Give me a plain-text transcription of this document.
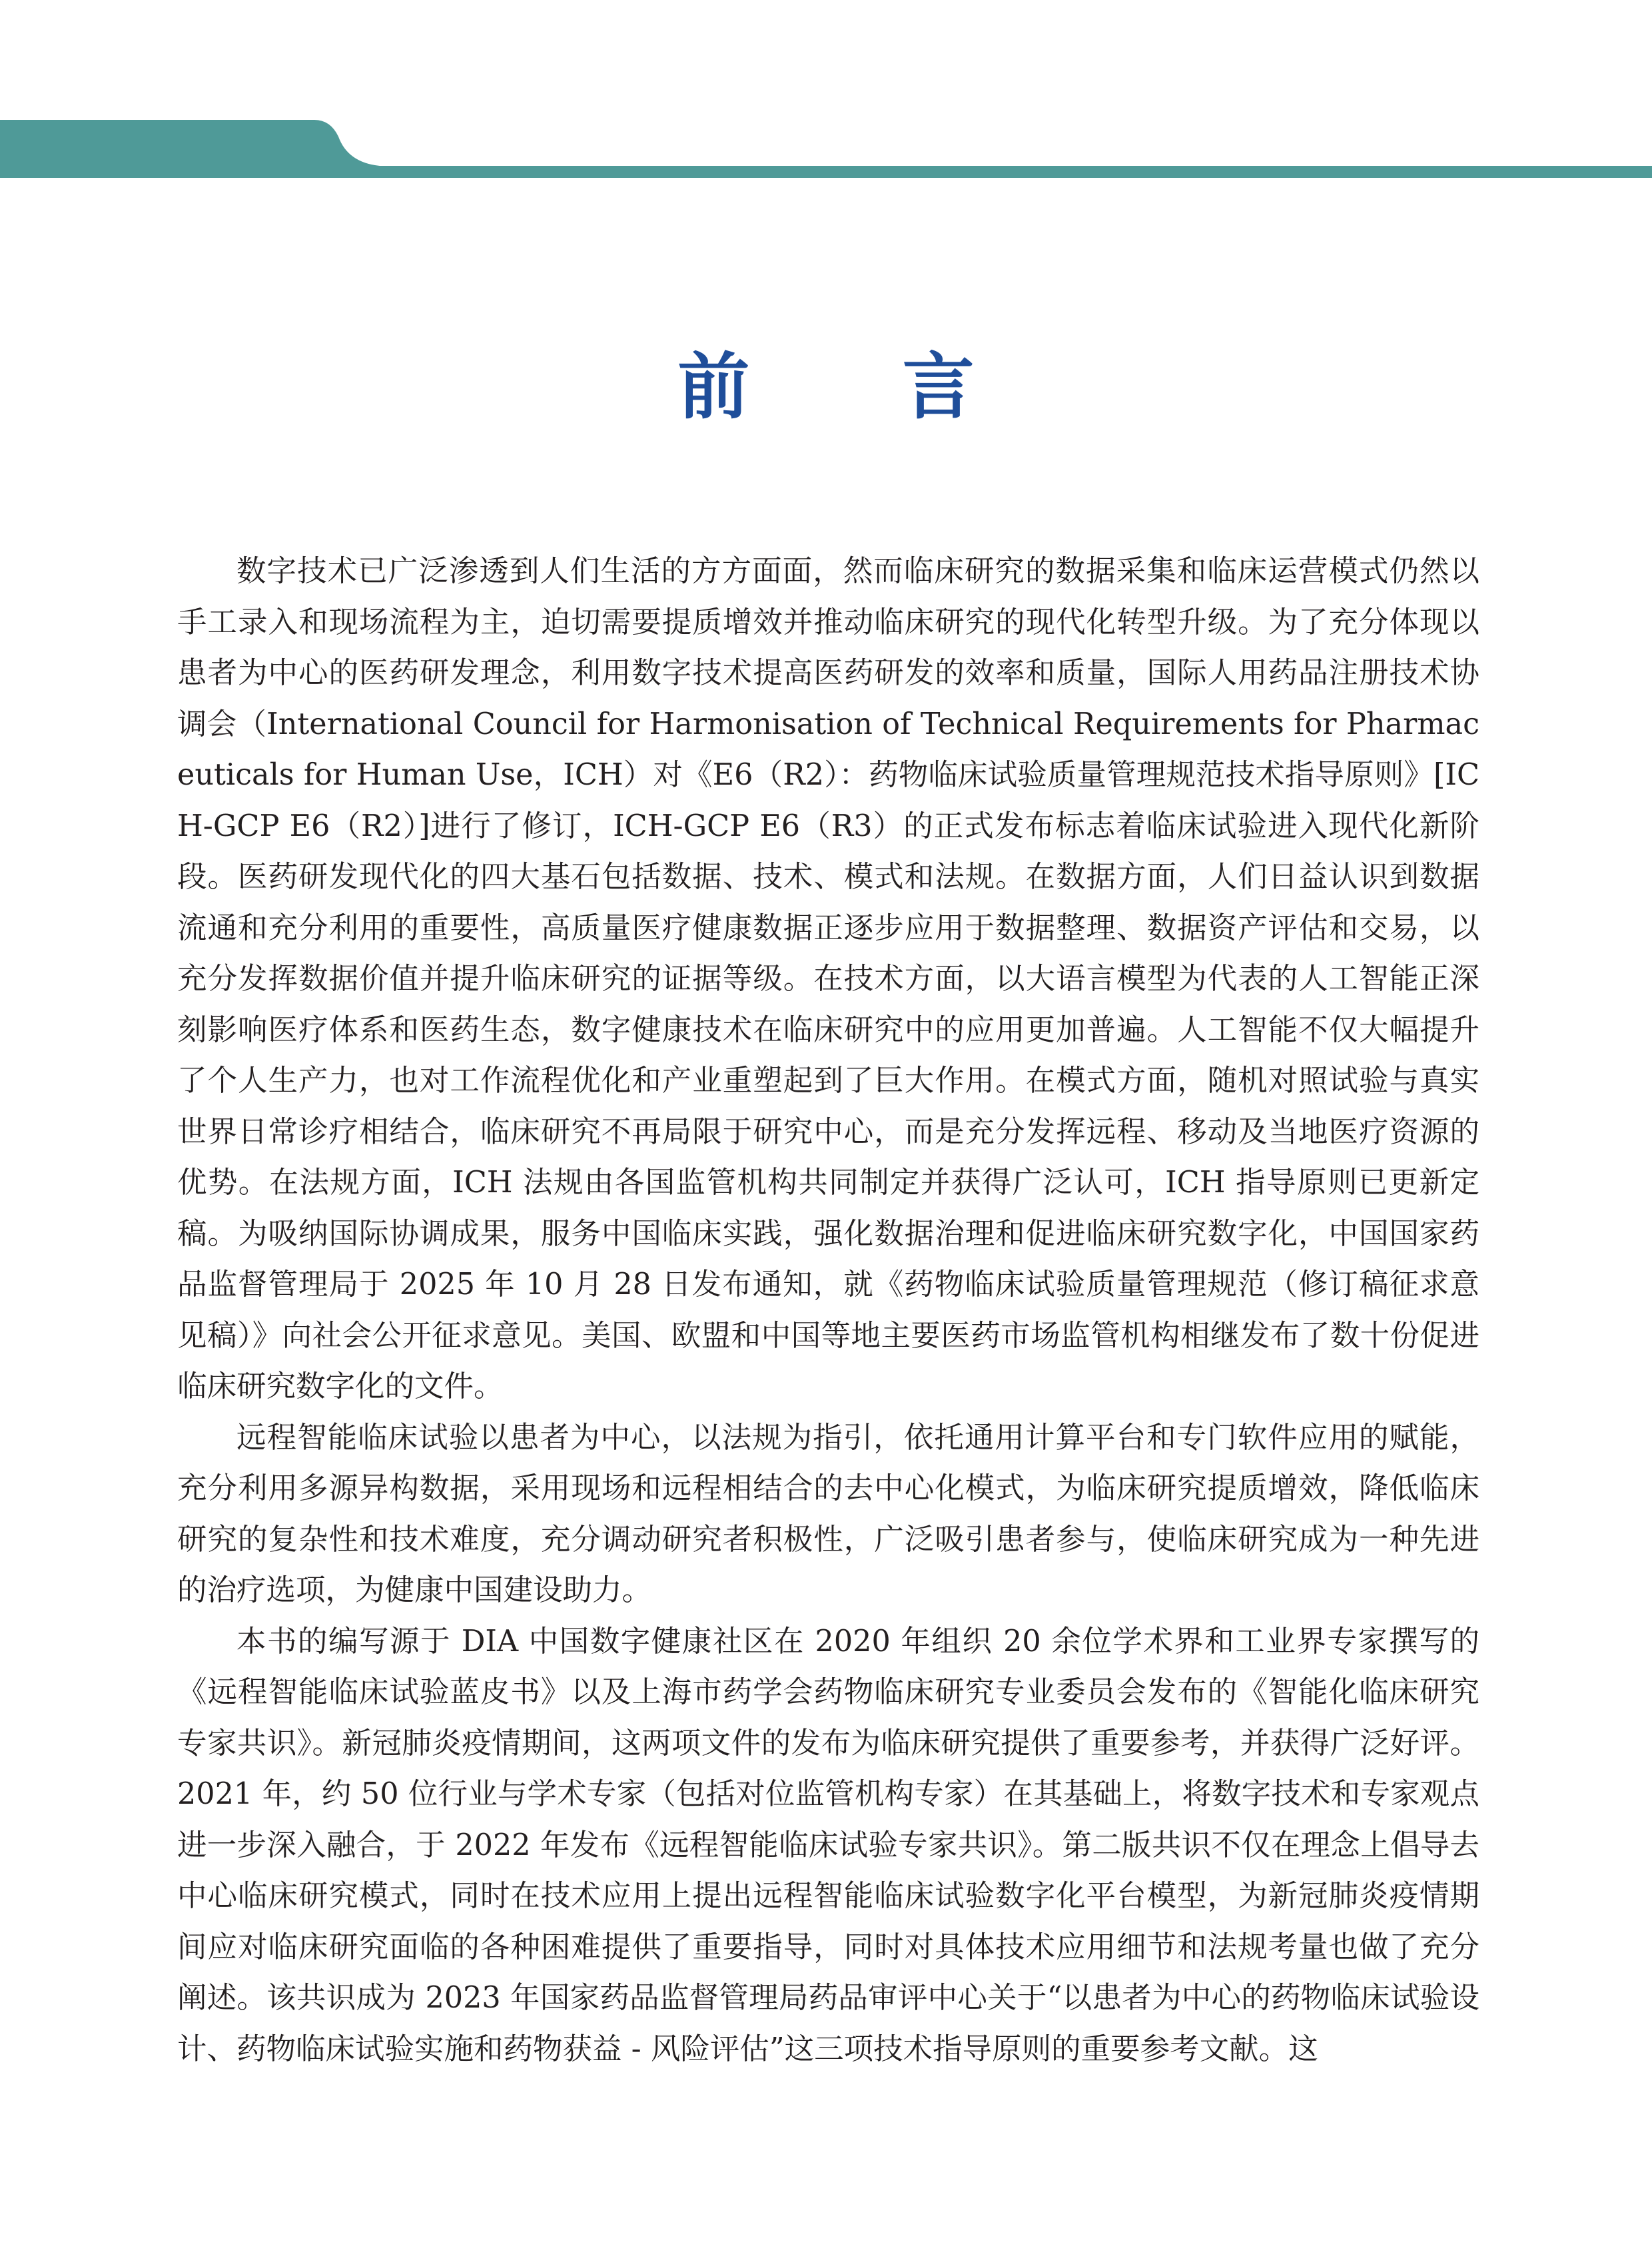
前 言

数字技术已广泛渗透到人们生活的方方面面，然而临床研究的数据采集和临床运营模式仍然以手工录入和现场流程为主，迫切需要提质增效并推动临床研究的现代化转型升级。为了充分体现以患者为中心的医药研发理念，利用数字技术提高医药研发的效率和质量，国际人用药品注册技术协调会（International Council for Harmonisation of Technical Requirements for Pharmaceuticals for Human Use，ICH）对《E6（R2）：药物临床试验质量管理规范技术指导原则》[ICH-GCP E6（R2）]进行了修订，ICH-GCP E6（R3）的正式发布标志着临床试验进入现代化新阶段。医药研发现代化的四大基石包括数据、技术、模式和法规。在数据方面，人们日益认识到数据流通和充分利用的重要性，高质量医疗健康数据正逐步应用于数据整理、数据资产评估和交易，以充分发挥数据价值并提升临床研究的证据等级。在技术方面，以大语言模型为代表的人工智能正深刻影响医疗体系和医药生态，数字健康技术在临床研究中的应用更加普遍。人工智能不仅大幅提升了个人生产力，也对工作流程优化和产业重塑起到了巨大作用。在模式方面，随机对照试验与真实世界日常诊疗相结合，临床研究不再局限于研究中心，而是充分发挥远程、移动及当地医疗资源的优势。在法规方面，ICH 法规由各国监管机构共同制定并获得广泛认可，ICH 指导原则已更新定稿。为吸纳国际协调成果，服务中国临床实践，强化数据治理和促进临床研究数字化，中国国家药品监督管理局于 2025 年 10 月 28 日发布通知，就《药物临床试验质量管理规范（修订稿征求意见稿）》向社会公开征求意见。美国、欧盟和中国等地主要医药市场监管机构相继发布了数十份促进临床研究数字化的文件。

远程智能临床试验以患者为中心，以法规为指引，依托通用计算平台和专门软件应用的赋能，充分利用多源异构数据，采用现场和远程相结合的去中心化模式，为临床研究提质增效，降低临床研究的复杂性和技术难度，充分调动研究者积极性，广泛吸引患者参与，使临床研究成为一种先进的治疗选项，为健康中国建设助力。

本书的编写源于 DIA 中国数字健康社区在 2020 年组织 20 余位学术界和工业界专家撰写的《远程智能临床试验蓝皮书》以及上海市药学会药物临床研究专业委员会发布的《智能化临床研究专家共识》。新冠肺炎疫情期间，这两项文件的发布为临床研究提供了重要参考，并获得广泛好评。2021 年，约 50 位行业与学术专家（包括对位监管机构专家）在其基础上，将数字技术和专家观点进一步深入融合，于 2022 年发布《远程智能临床试验专家共识》。第二版共识不仅在理念上倡导去中心临床研究模式，同时在技术应用上提出远程智能临床试验数字化平台模型，为新冠肺炎疫情期间应对临床研究面临的各种困难提供了重要指导，同时对具体技术应用细节和法规考量也做了充分阐述。该共识成为 2023 年国家药品监督管理局药品审评中心关于“以患者为中心的药物临床试验设计、药物临床试验实施和药物获益 - 风险评估”这三项技术指导原则的重要参考文献。这
